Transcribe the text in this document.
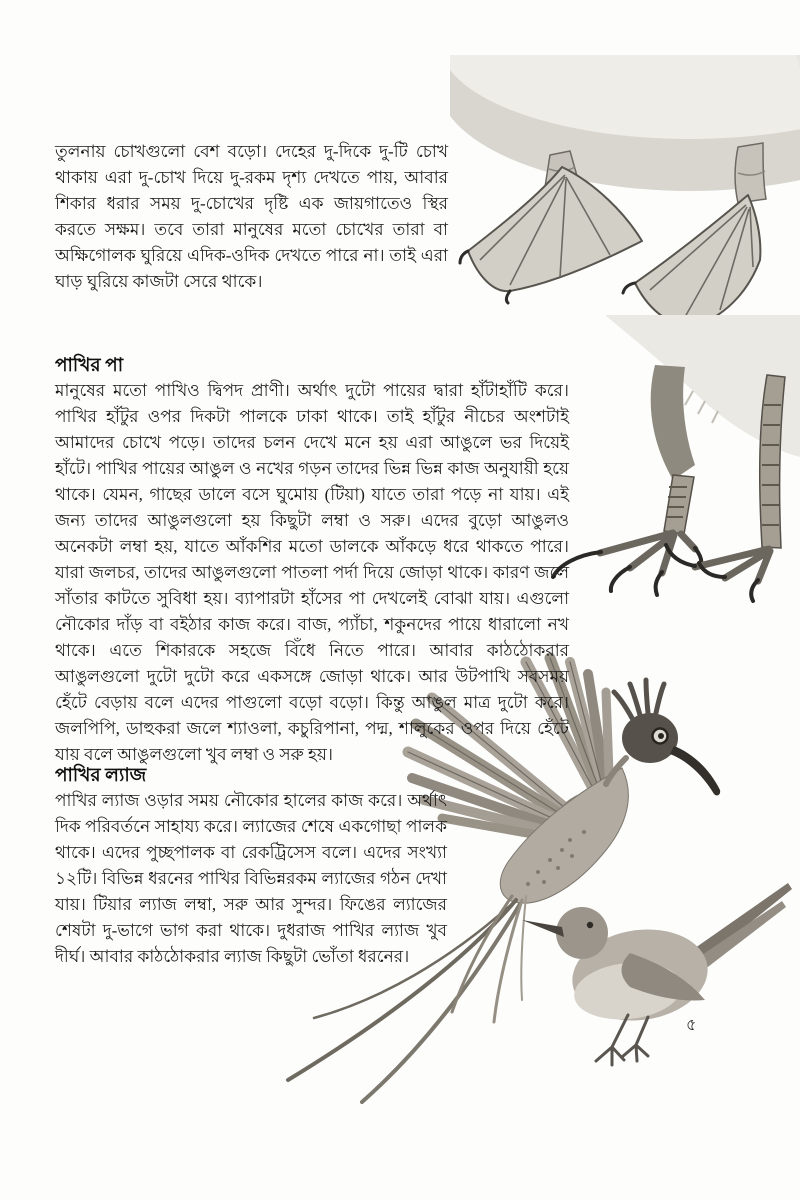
তুলনায় চোখগুলো বেশ বড়ো। দেহের দু-দিকে দু-টি চোখ থাকায় এরা দু-চোখ দিয়ে দু-রকম দৃশ্য দেখতে পায়, আবার শিকার ধরার সময় দু-চোখের দৃষ্টি এক জায়গাতেও স্থির করতে সক্ষম। তবে তারা মানুষের মতো চোখের তারা বা অক্ষিগোলক ঘুরিয়ে এদিক-ওদিক দেখতে পারে না। তাই এরা ঘাড় ঘুরিয়ে কাজটা সেরে থাকে।
পাখির পা
মানুষের মতো পাখিও দ্বিপদ প্রাণী। অর্থাৎ দুটো পায়ের দ্বারা হাঁটাহাঁটি করে। পাখির হাঁটুর ওপর দিকটা পালকে ঢাকা থাকে। তাই হাঁটুর নীচের অংশটাই আমাদের চোখে পড়ে। তাদের চলন দেখে মনে হয় এরা আঙুলে ভর দিয়েই হাঁটে। পাখির পায়ের আঙুল ও নখের গড়ন তাদের ভিন্ন ভিন্ন কাজ অনুযায়ী হয়ে থাকে। যেমন, গাছের ডালে বসে ঘুমোয় (টিয়া) যাতে তারা পড়ে না যায়। এই জন্য তাদের আঙুলগুলো হয় কিছুটা লম্বা ও সরু। এদের বুড়ো আঙুলও অনেকটা লম্বা হয়, যাতে আঁকশির মতো ডালকে আঁকড়ে ধরে থাকতে পারে। যারা জলচর, তাদের আঙুলগুলো পাতলা পর্দা দিয়ে জোড়া থাকে। কারণ জলে সাঁতার কাটতে সুবিধা হয়। ব্যাপারটা হাঁসের পা দেখলেই বোঝা যায়। এগুলো নৌকোর দাঁড় বা বইঠার কাজ করে। বাজ, প্যাঁচা, শকুনদের পায়ে ধারালো নখ থাকে। এতে শিকারকে সহজে বিঁধে নিতে পারে। আবার কাঠঠোকরার আঙুলগুলো দুটো দুটো করে একসঙ্গে জোড়া থাকে। আর উটপাখি সবসময় হেঁটে বেড়ায় বলে এদের পাগুলো বড়ো বড়ো। কিন্তু আঙুল মাত্র দুটো করে। জলপিপি, ডাহুকরা জলে শ্যাওলা, কচুরিপানা, পদ্ম, শালুকের ওপর দিয়ে হেঁটে যায় বলে আঙুলগুলো খুব লম্বা ও সরু হয়।
পাখির ল্যাজ
পাখির ল্যাজ ওড়ার সময় নৌকোর হালের কাজ করে। অর্থাৎ দিক পরিবর্তনে সাহায্য করে। ল্যাজের শেষে একগোছা পালক থাকে। এদের পুচ্ছপালক বা রেকট্রিসেস বলে। এদের সংখ্যা ১২টি। বিভিন্ন ধরনের পাখির বিভিন্নরকম ল্যাজের গঠন দেখা যায়। টিয়ার ল্যাজ লম্বা, সরু আর সুন্দর। ফিঙের ল্যাজের শেষটা দু-ভাগে ভাগ করা থাকে। দুধরাজ পাখির ল্যাজ খুব দীর্ঘ। আবার কাঠঠোকরার ল্যাজ কিছুটা ভোঁতা ধরনের।
৫
